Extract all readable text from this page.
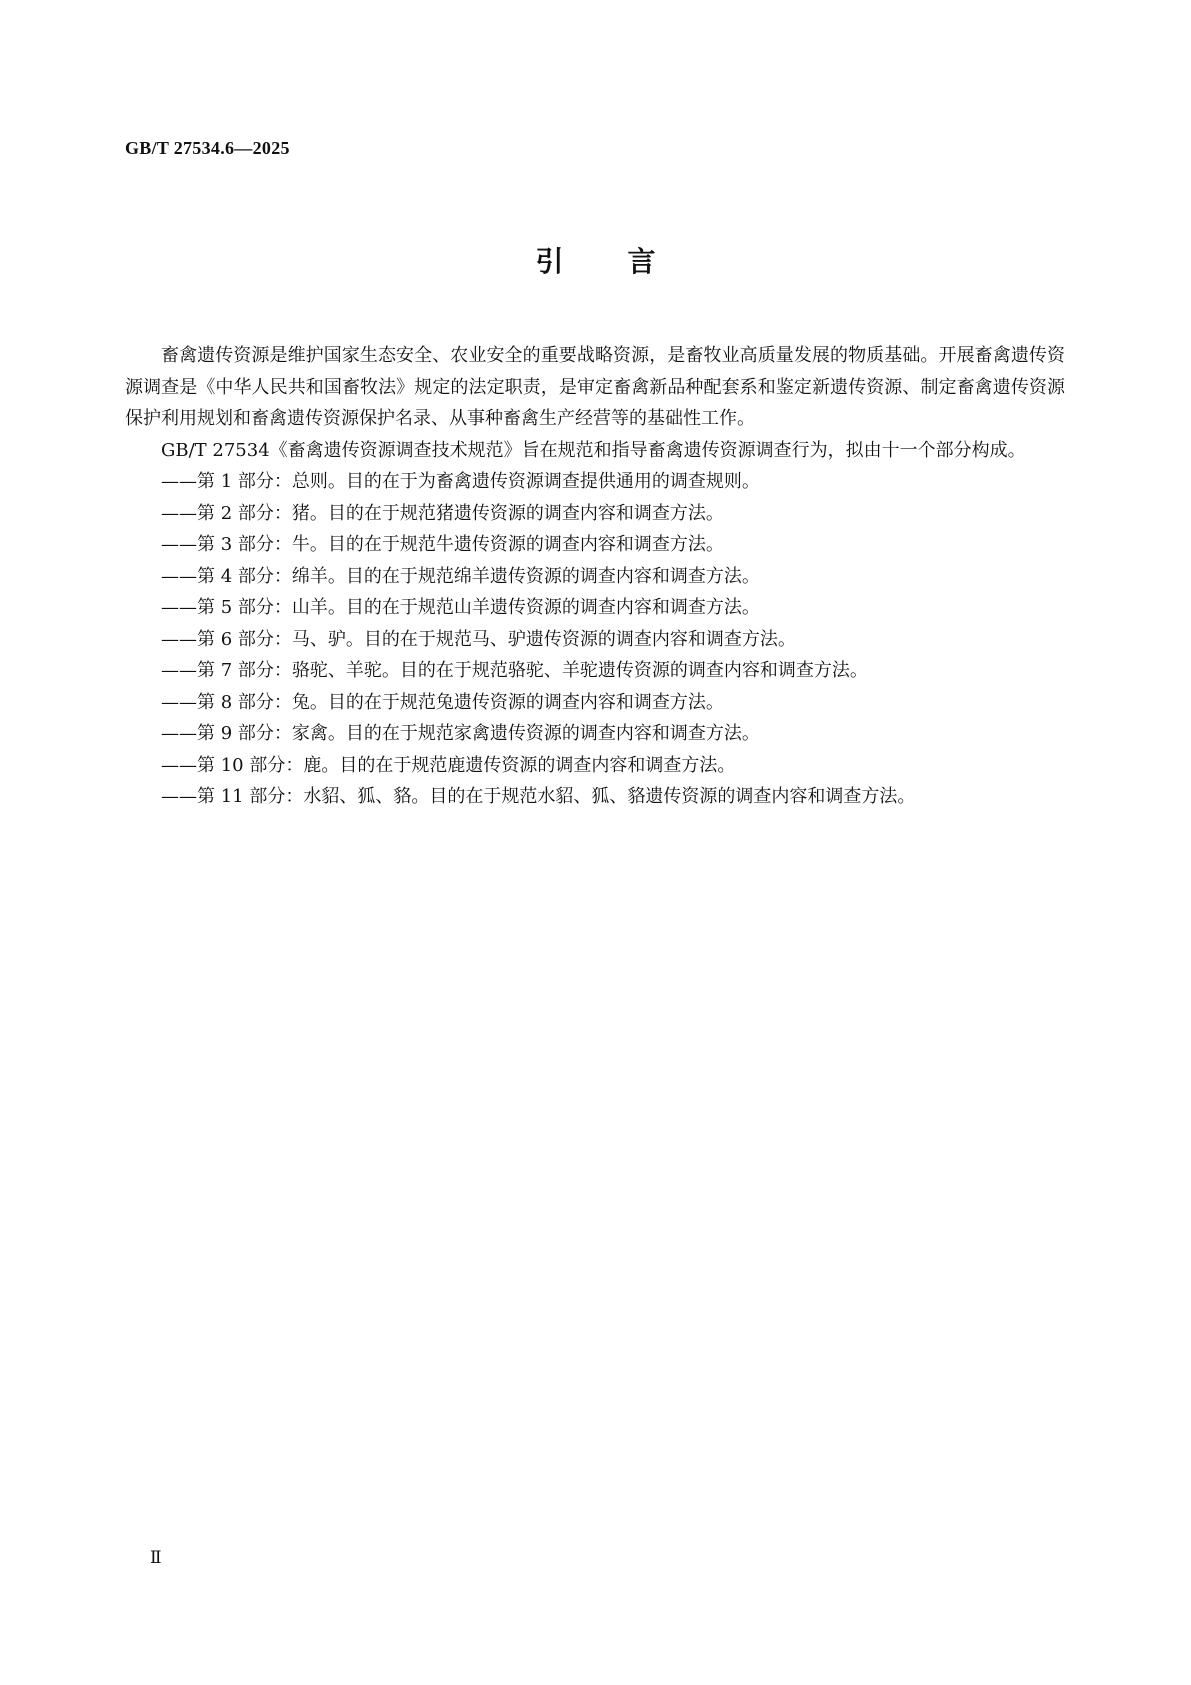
GB/T 27534.6—2025
引言

畜禽遗传资源是维护国家生态安全、农业安全的重要战略资源，是畜牧业高质量发展的物质基础。开展畜禽遗传资源调查是《中华人民共和国畜牧法》规定的法定职责，是审定畜禽新品种配套系和鉴定新遗传资源、制定畜禽遗传资源保护利用规划和畜禽遗传资源保护名录、从事种畜禽生产经营等的基础性工作。

GB/T 27534《畜禽遗传资源调查技术规范》旨在规范和指导畜禽遗传资源调查行为，拟由十一个部分构成。

——第 1 部分：总则。目的在于为畜禽遗传资源调查提供通用的调查规则。
——第 2 部分：猪。目的在于规范猪遗传资源的调查内容和调查方法。
——第 3 部分：牛。目的在于规范牛遗传资源的调查内容和调查方法。
——第 4 部分：绵羊。目的在于规范绵羊遗传资源的调查内容和调查方法。
——第 5 部分：山羊。目的在于规范山羊遗传资源的调查内容和调查方法。
——第 6 部分：马、驴。目的在于规范马、驴遗传资源的调查内容和调查方法。
——第 7 部分：骆驼、羊驼。目的在于规范骆驼、羊驼遗传资源的调查内容和调查方法。
——第 8 部分：兔。目的在于规范兔遗传资源的调查内容和调查方法。
——第 9 部分：家禽。目的在于规范家禽遗传资源的调查内容和调查方法。
——第 10 部分：鹿。目的在于规范鹿遗传资源的调查内容和调查方法。
——第 11 部分：水貂、狐、貉。目的在于规范水貂、狐、貉遗传资源的调查内容和调查方法。
Ⅱ
